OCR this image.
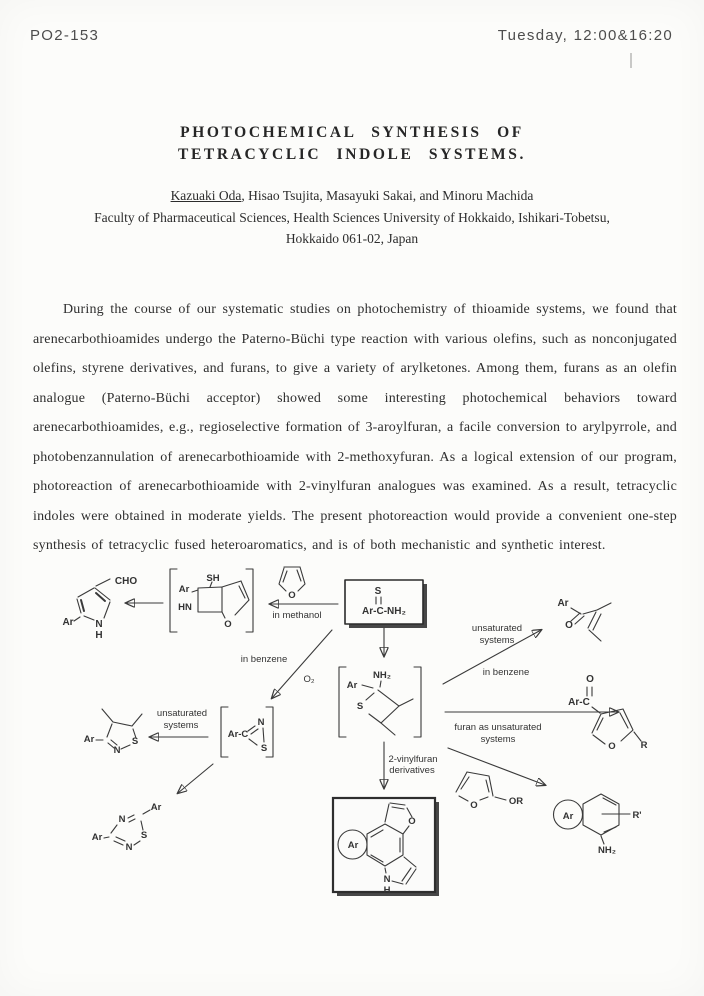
PO2-153	Tuesday, 12:00&16:20
PHOTOCHEMICAL SYNTHESIS OF
TETRACYCLIC INDOLE SYSTEMS.
Kazuaki Oda, Hisao Tsujita, Masayuki Sakai, and Minoru Machida
Faculty of Pharmaceutical Sciences, Health Sciences University of Hokkaido, Ishikari-Tobetsu,
Hokkaido 061-02, Japan

During the course of our systematic studies on photochemistry of thioamide systems, we found that arenecarbothioamides undergo the Paterno-Büchi type reaction with various olefins, such as nonconjugated olefins, styrene derivatives, and furans, to give a variety of arylketones. Among them, furans as an olefin analogue (Paterno-Büchi acceptor) showed some interesting photochemical behaviors toward arenecarbothioamides, e.g., regioselective formation of 3-aroylfuran, a facile conversion to arylpyrrole, and photobenzannulation of arenecarbothioamide with 2-methoxyfuran. As a logical extension of our program, photoreaction of arenecarbothioamide with 2-vinylfuran analogues was examined. As a result, tetracyclic indoles were obtained in moderate yields. The present photoreaction would provide a convenient one-step synthesis of tetracyclic fused heteroaromatics, and is of both mechanistic and synthetic interest.

CHO
Ar N
H
Ar
SH
HN
O
O
in methanol
S
Ar-C-NH₂
unsaturated
systems
in benzene
Ar
O
Ar
NH₂
S
furan as unsaturated
systems
Ar-C
O
O	R
in benzene
O₂
Ar-C
N
S
unsaturated
systems
Ar
N
S
2-vinylfuran
derivatives
O	OR
Ar
N
S
N
Ar
Ar
O
N
H
Ar	R'
NH₂
